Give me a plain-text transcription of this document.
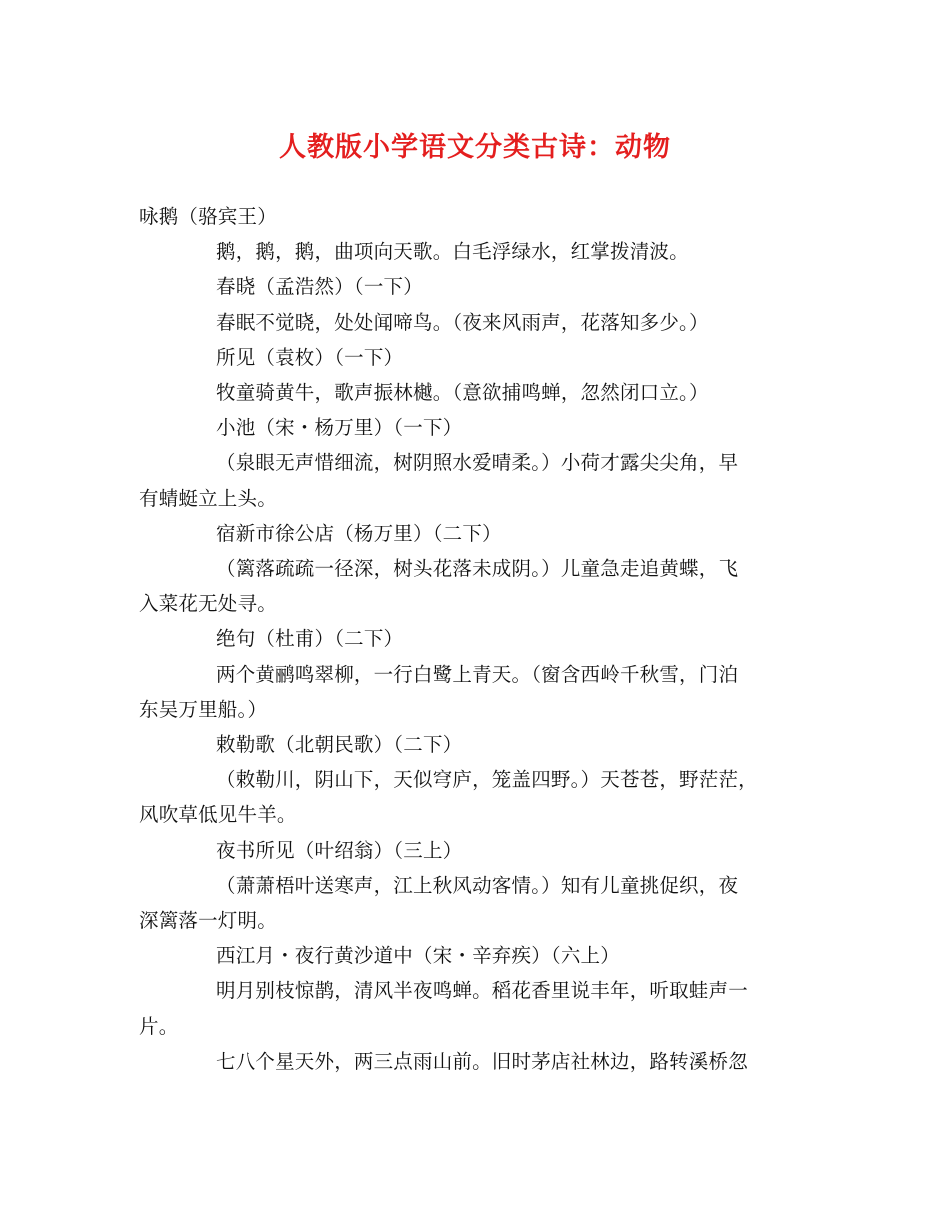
人教版小学语文分类古诗：动物
咏鹅（骆宾王）
鹅，鹅，鹅，曲项向天歌。白毛浮绿水，红掌拨清波。
春晓（孟浩然）（一下）
春眠不觉晓，处处闻啼鸟。（夜来风雨声，花落知多少。）
所见（袁枚）（一下）
牧童骑黄牛，歌声振林樾。（意欲捕鸣蝉，忽然闭口立。）
小池（宋・杨万里）（一下）
（泉眼无声惜细流，树阴照水爱晴柔。）小荷才露尖尖角，早
有蜻蜓立上头。
宿新市徐公店（杨万里）（二下）
（篱落疏疏一径深，树头花落未成阴。）儿童急走追黄蝶，飞
入菜花无处寻。
绝句（杜甫）（二下）
两个黄鹂鸣翠柳，一行白鹭上青天。（窗含西岭千秋雪，门泊
东吴万里船。）
敕勒歌（北朝民歌）（二下）
（敕勒川，阴山下，天似穹庐，笼盖四野。）天苍苍，野茫茫，
风吹草低见牛羊。
夜书所见（叶绍翁）（三上）
（萧萧梧叶送寒声，江上秋风动客情。）知有儿童挑促织，夜
深篱落一灯明。
西江月・夜行黄沙道中（宋・辛弃疾）（六上）
明月别枝惊鹊，清风半夜鸣蝉。稻花香里说丰年，听取蛙声一
片。
七八个星天外，两三点雨山前。旧时茅店社林边，路转溪桥忽
